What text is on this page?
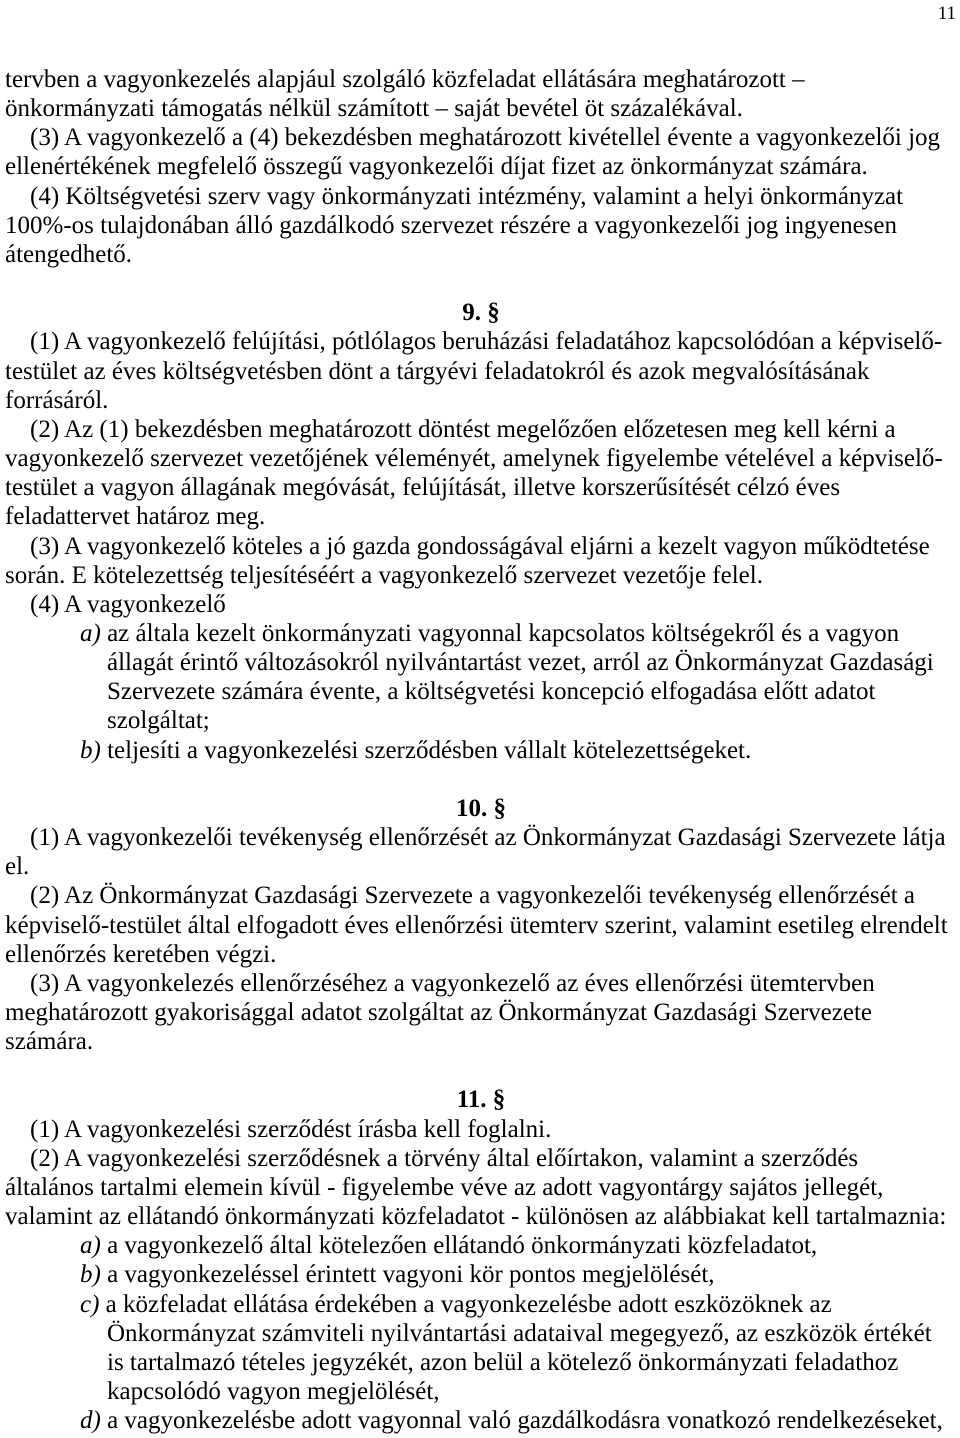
11
tervben a vagyonkezelés alapjául szolgáló közfeladat ellátására meghatározott –
önkormányzati támogatás nélkül számított – saját bevétel öt százalékával.
(3) A vagyonkezelő a (4) bekezdésben meghatározott kivétellel évente a vagyonkezelői jog
ellenértékének megfelelő összegű vagyonkezelői díjat fizet az önkormányzat számára.
(4) Költségvetési szerv vagy önkormányzati intézmény, valamint a helyi önkormányzat
100%-os tulajdonában álló gazdálkodó szervezet részére a vagyonkezelői jog ingyenesen
átengedhető.
9. §
(1) A vagyonkezelő felújítási, pótlólagos beruházási feladatához kapcsolódóan a képviselő-
testület az éves költségvetésben dönt a tárgyévi feladatokról és azok megvalósításának
forrásáról.
(2) Az (1) bekezdésben meghatározott döntést megelőzően előzetesen meg kell kérni a
vagyonkezelő szervezet vezetőjének véleményét, amelynek figyelembe vételével a képviselő-
testület a vagyon állagának megóvását, felújítását, illetve korszerűsítését célzó éves
feladattervet határoz meg.
(3) A vagyonkezelő köteles a jó gazda gondosságával eljárni a kezelt vagyon működtetése
során. E kötelezettség teljesítéséért a vagyonkezelő szervezet vezetője felel.
(4) A vagyonkezelő
a) az általa kezelt önkormányzati vagyonnal kapcsolatos költségekről és a vagyon
állagát érintő változásokról nyilvántartást vezet, arról az Önkormányzat Gazdasági
Szervezete számára évente, a költségvetési koncepció elfogadása előtt adatot
szolgáltat;
b) teljesíti a vagyonkezelési szerződésben vállalt kötelezettségeket.
10. §
(1) A vagyonkezelői tevékenység ellenőrzését az Önkormányzat Gazdasági Szervezete látja
el.
(2) Az Önkormányzat Gazdasági Szervezete a vagyonkezelői tevékenység ellenőrzését a
képviselő-testület által elfogadott éves ellenőrzési ütemterv szerint, valamint esetileg elrendelt
ellenőrzés keretében végzi.
(3) A vagyonkelezés ellenőrzéséhez a vagyonkezelő az éves ellenőrzési ütemtervben
meghatározott gyakorisággal adatot szolgáltat az Önkormányzat Gazdasági Szervezete
számára.
11. §
(1) A vagyonkezelési szerződést írásba kell foglalni.
(2) A vagyonkezelési szerződésnek a törvény által előírtakon, valamint a szerződés
általános tartalmi elemein kívül - figyelembe véve az adott vagyontárgy sajátos jellegét,
valamint az ellátandó önkormányzati közfeladatot - különösen az alábbiakat kell tartalmaznia:
a) a vagyonkezelő által kötelezően ellátandó önkormányzati közfeladatot,
b) a vagyonkezeléssel érintett vagyoni kör pontos megjelölését,
c) a közfeladat ellátása érdekében a vagyonkezelésbe adott eszközöknek az
Önkormányzat számviteli nyilvántartási adataival megegyező, az eszközök értékét
is tartalmazó tételes jegyzékét, azon belül a kötelező önkormányzati feladathoz
kapcsolódó vagyon megjelölését,
d) a vagyonkezelésbe adott vagyonnal való gazdálkodásra vonatkozó rendelkezéseket,
